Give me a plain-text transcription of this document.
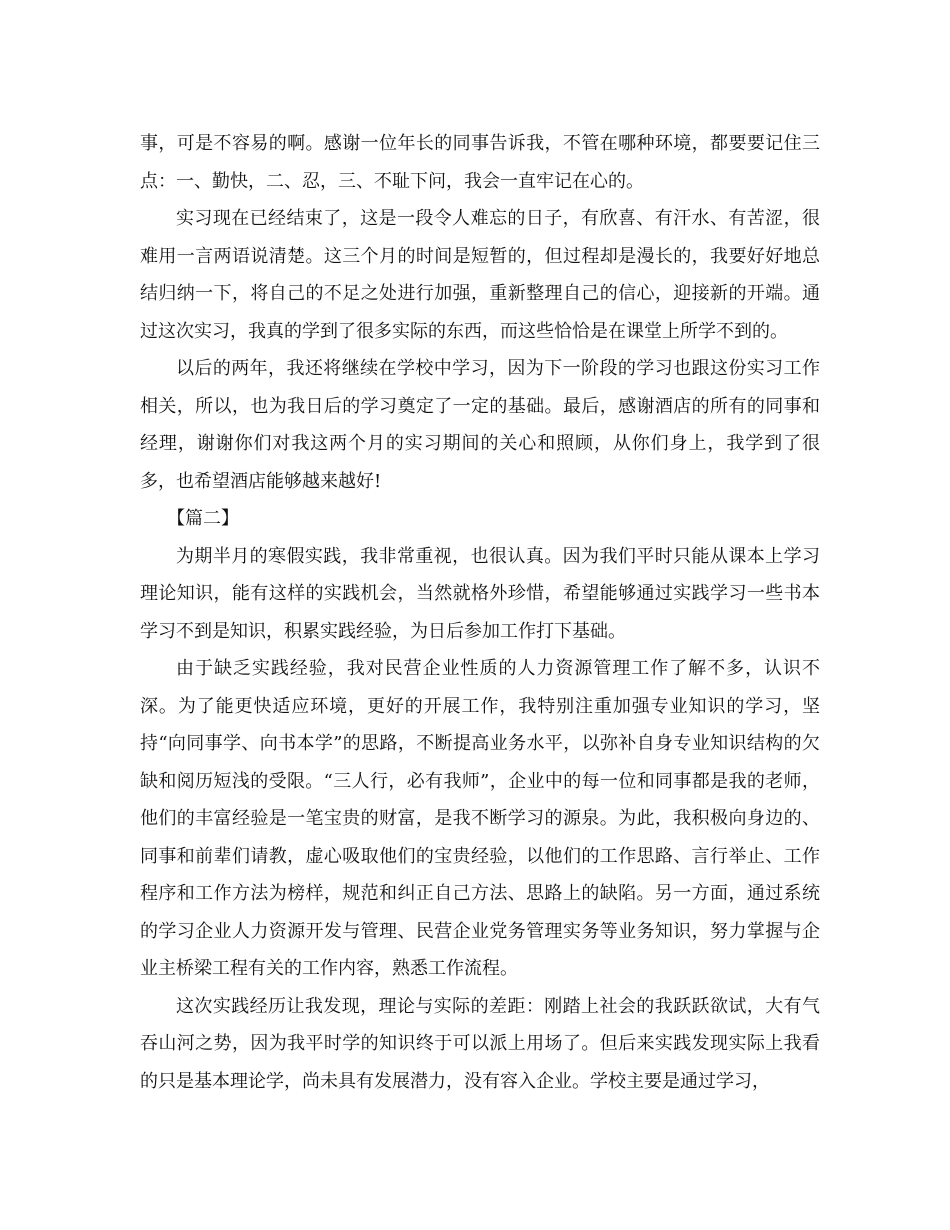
事，可是不容易的啊。感谢一位年长的同事告诉我，不管在哪种环境，都要要记住三点：一、勤快，二、忍，三、不耻下问，我会一直牢记在心的。

实习现在已经结束了，这是一段令人难忘的日子，有欣喜、有汗水、有苦涩，很难用一言两语说清楚。这三个月的时间是短暂的，但过程却是漫长的，我要好好地总结归纳一下，将自己的不足之处进行加强，重新整理自己的信心，迎接新的开端。通过这次实习，我真的学到了很多实际的东西，而这些恰恰是在课堂上所学不到的。

以后的两年，我还将继续在学校中学习，因为下一阶段的学习也跟这份实习工作相关，所以，也为我日后的学习奠定了一定的基础。最后，感谢酒店的所有的同事和经理，谢谢你们对我这两个月的实习期间的关心和照顾，从你们身上，我学到了很多，也希望酒店能够越来越好!

【篇二】

为期半月的寒假实践，我非常重视，也很认真。因为我们平时只能从课本上学习理论知识，能有这样的实践机会，当然就格外珍惜，希望能够通过实践学习一些书本学习不到是知识，积累实践经验，为日后参加工作打下基础。

由于缺乏实践经验，我对民营企业性质的人力资源管理工作了解不多，认识不深。为了能更快适应环境，更好的开展工作，我特别注重加强专业知识的学习，坚持“向同事学、向书本学”的思路，不断提高业务水平，以弥补自身专业知识结构的欠缺和阅历短浅的受限。“三人行，必有我师”，企业中的每一位和同事都是我的老师，他们的丰富经验是一笔宝贵的财富，是我不断学习的源泉。为此，我积极向身边的、同事和前辈们请教，虚心吸取他们的宝贵经验，以他们的工作思路、言行举止、工作程序和工作方法为榜样，规范和纠正自己方法、思路上的缺陷。另一方面，通过系统的学习企业人力资源开发与管理、民营企业党务管理实务等业务知识，努力掌握与企业主桥梁工程有关的工作内容，熟悉工作流程。

这次实践经历让我发现，理论与实际的差距：刚踏上社会的我跃跃欲试，大有气吞山河之势，因为我平时学的知识终于可以派上用场了。但后来实践发现实际上我看的只是基本理论学，尚未具有发展潜力，没有容入企业。学校主要是通过学习，
